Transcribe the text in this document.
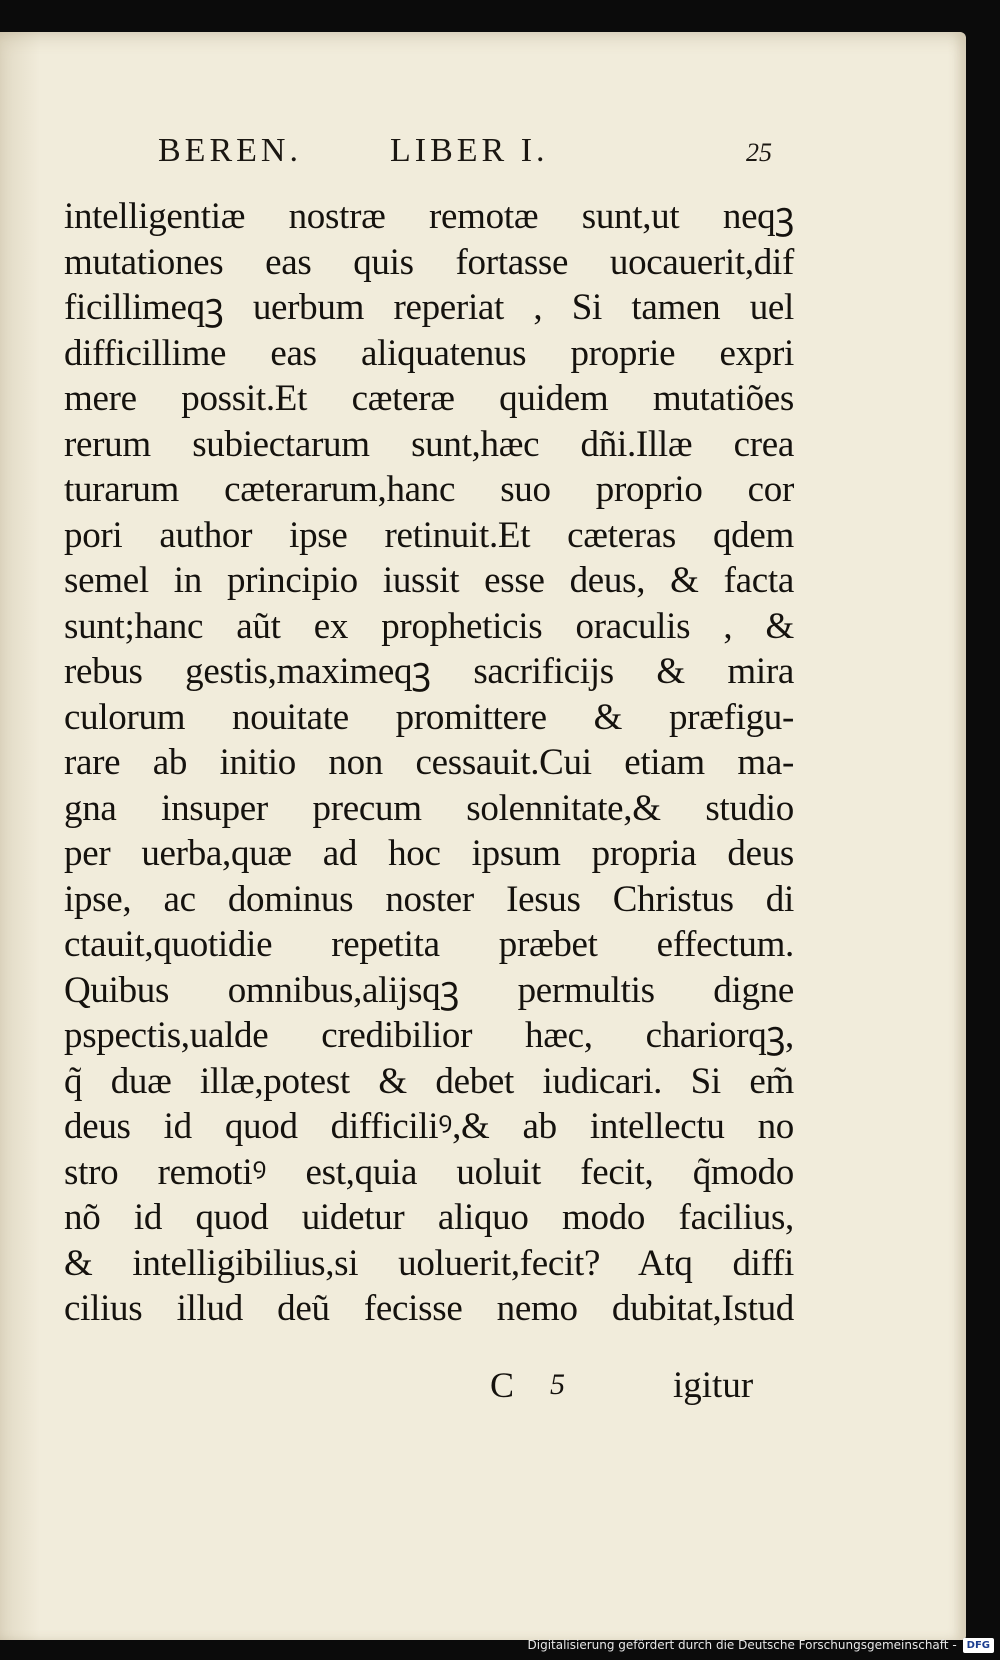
BEREN.	LIBER I.	25
intelligentiæ nostræ remotæ sunt,ut neqꝫ
mutationes eas quis fortasse uocauerit,dif
ficillimeqꝫ uerbum reperiat , Si tamen uel
difficillime eas aliquatenus proprie expri
mere possit.Et cæteræ quidem mutatiões
rerum subiectarum sunt,hæc dñi.Illæ crea
turarum cæterarum,hanc suo proprio cor
pori author ipse retinuit.Et cæteras qdem
semel in principio iussit esse deus, & facta
sunt;hanc aũt ex propheticis oraculis , &
rebus gestis,maximeqꝫ sacrificijs & mira
culorum nouitate promittere & præfigu-
rare ab initio non cessauit.Cui etiam ma-
gna insuper precum solennitate,& studio
per uerba,quæ ad hoc ipsum propria deus
ipse, ac dominus noster Iesus Christus di
ctauit,quotidie repetita præbet effectum.
Quibus omnibus,alijsqꝫ permultis digne
pspectis,ualde credibilior hæc, chariorqꝫ,
q̃ duæ illæ,potest & debet iudicari. Si em̃
deus id quod difficiliꝰ,& ab intellectu no
stro remotiꝰ est,quia uoluit fecit, q̃modo
nõ id quod uidetur aliquo modo facilius,
& intelligibilius,si uoluerit,fecit? Atq diffi
cilius illud deũ fecisse nemo dubitat,Istud
C 5	igitur
Digitalisierung gefördert durch die Deutsche Forschungsgemeinschaft -	DFG
